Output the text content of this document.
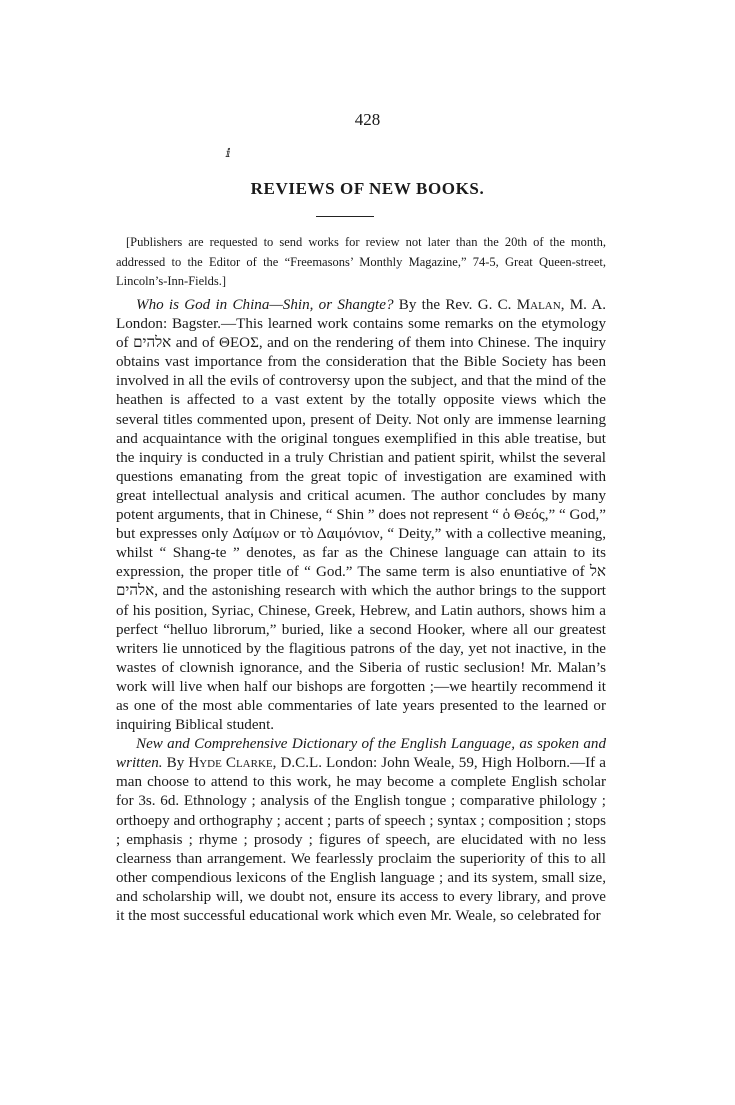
428
ⅈ
REVIEWS OF NEW BOOKS.

[Publishers are requested to send works for review not later than the 20th of the month, addressed to the Editor of the “Freemasons’ Monthly Magazine,” 74-5, Great Queen-street, Lincoln’s-Inn-Fields.]

Who is God in China—Shin, or Shangte? By the Rev. G. C. Malan, M. A. London: Bagster.—This learned work contains some remarks on the etymology of אלהים and of ΘΕΟΣ, and on the rendering of them into Chinese. The inquiry obtains vast importance from the consideration that the Bible Society has been involved in all the evils of controversy upon the subject, and that the mind of the heathen is affected to a vast extent by the totally opposite views which the several titles commented upon, present of Deity. Not only are immense learning and acquaintance with the original tongues exemplified in this able treatise, but the inquiry is conducted in a truly Christian and patient spirit, whilst the several questions emanating from the great topic of investigation are examined with great intellectual analysis and critical acumen. The author concludes by many potent arguments, that in Chinese, “ Shin ” does not represent “ ὁ Θεός,” “ God,” but expresses only Δαίμων or τὸ Δαιμόνιον, “ Deity,” with a collective meaning, whilst “ Shang-te ” denotes, as far as the Chinese language can attain to its expression, the proper title of “ God.” The same term is also enuntiative of אל אלהים, and the astonishing research with which the author brings to the support of his position, Syriac, Chinese, Greek, Hebrew, and Latin authors, shows him a perfect “helluo librorum,” buried, like a second Hooker, where all our greatest writers lie unnoticed by the flagitious patrons of the day, yet not inactive, in the wastes of clownish ignorance, and the Siberia of rustic seclusion! Mr. Malan’s work will live when half our bishops are forgotten ;—we heartily recommend it as one of the most able commentaries of late years presented to the learned or inquiring Biblical student.

New and Comprehensive Dictionary of the English Language, as spoken and written. By Hyde Clarke, D.C.L. London: John Weale, 59, High Holborn.—If a man choose to attend to this work, he may become a complete English scholar for 3s. 6d. Ethnology ; analysis of the English tongue ; comparative philology ; orthoepy and orthography ; accent ; parts of speech ; syntax ; composition ; stops ; emphasis ; rhyme ; prosody ; figures of speech, are elucidated with no less clearness than arrangement. We fearlessly proclaim the superiority of this to all other compendious lexicons of the English language ; and its system, small size, and scholarship will, we doubt not, ensure its access to every library, and prove it the most successful educational work which even Mr. Weale, so celebrated for
